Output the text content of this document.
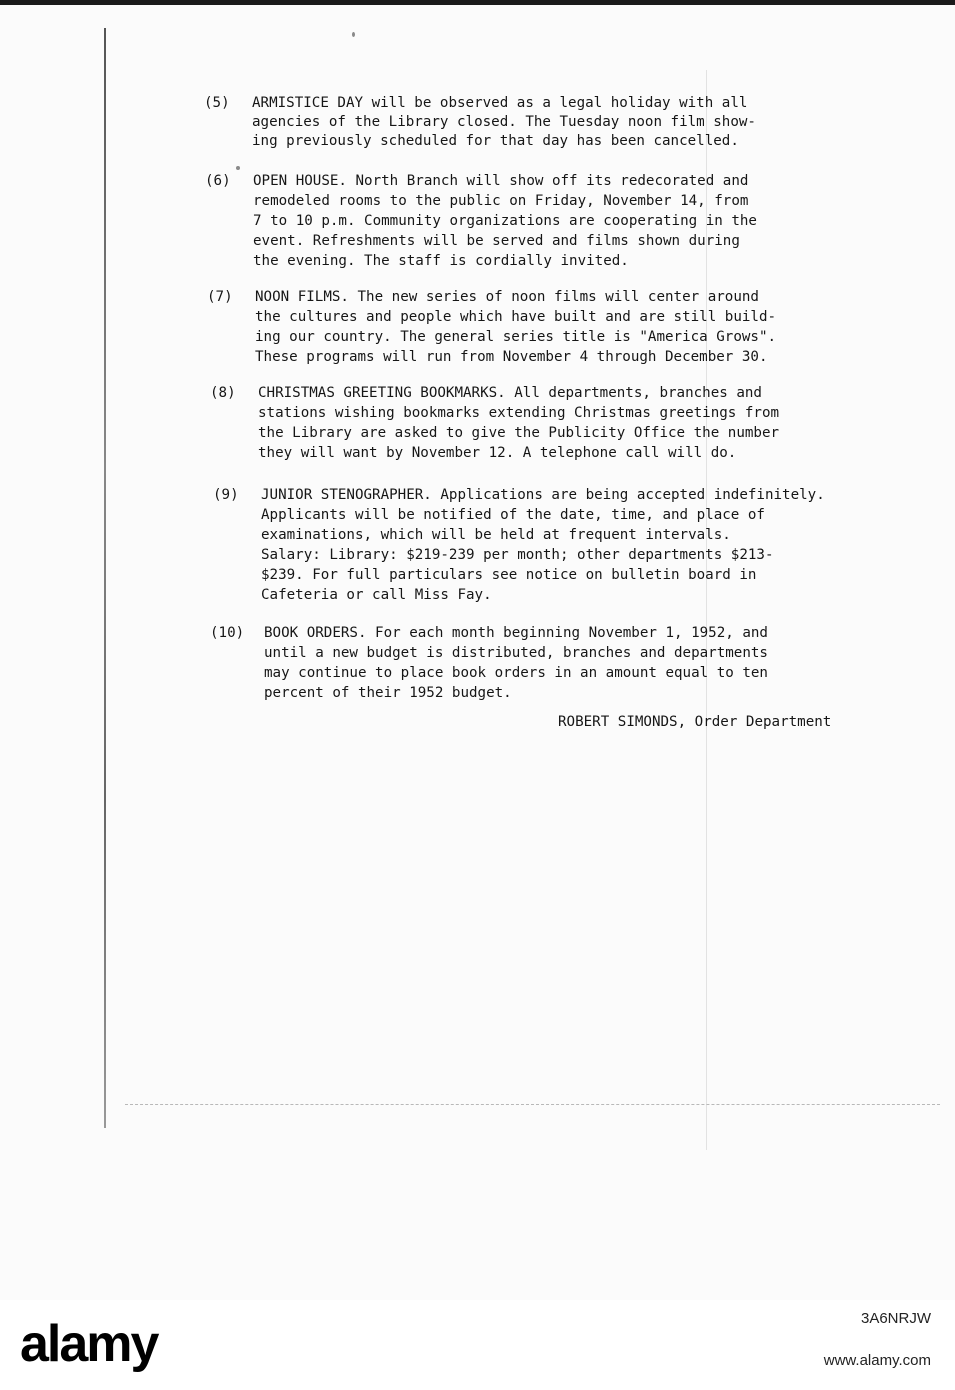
(5) ARMISTICE DAY will be observed as a legal holiday with all
agencies of the Library closed. The Tuesday noon film show-
ing previously scheduled for that day has been cancelled.
(6) OPEN HOUSE. North Branch will show off its redecorated and
remodeled rooms to the public on Friday, November 14, from
7 to 10 p.m. Community organizations are cooperating in the
event. Refreshments will be served and films shown during
the evening. The staff is cordially invited.
(7) NOON FILMS. The new series of noon films will center around
the cultures and people which have built and are still build-
ing our country. The general series title is "America Grows".
These programs will run from November 4 through December 30.
(8) CHRISTMAS GREETING BOOKMARKS. All departments, branches and
stations wishing bookmarks extending Christmas greetings from
the Library are asked to give the Publicity Office the number
they will want by November 12. A telephone call will do.
(9) JUNIOR STENOGRAPHER. Applications are being accepted indefinitely.
Applicants will be notified of the date, time, and place of
examinations, which will be held at frequent intervals.
Salary: Library: $219-239 per month; other departments $213-
$239. For full particulars see notice on bulletin board in
Cafeteria or call Miss Fay.
(10) BOOK ORDERS. For each month beginning November 1, 1952, and
until a new budget is distributed, branches and departments
may continue to place book orders in an amount equal to ten
percent of their 1952 budget.
ROBERT SIMONDS, Order Department
alamy	3A6NRJW
www.alamy.com
